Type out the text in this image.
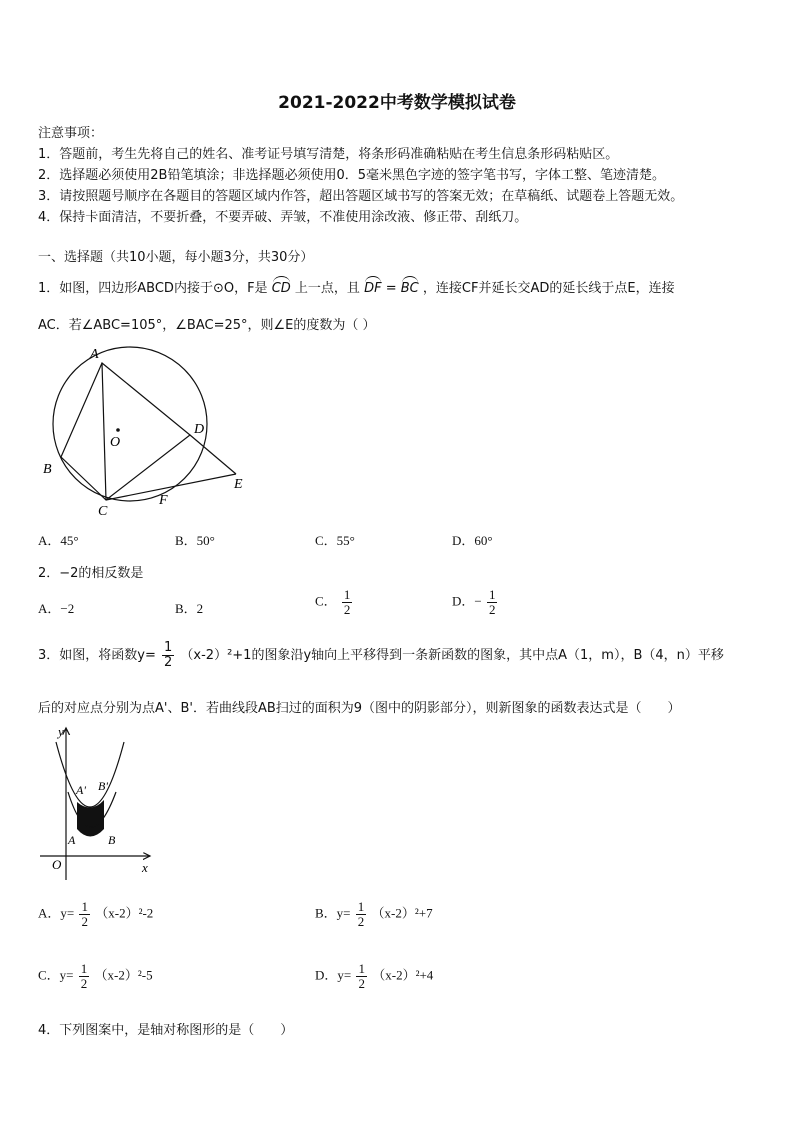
2021-2022中考数学模拟试卷
注意事项：
1．答题前，考生先将自己的姓名、准考证号填写清楚，将条形码准确粘贴在考生信息条形码粘贴区。
2．选择题必须使用2B铅笔填涂；非选择题必须使用0．5毫米黑色字迹的签字笔书写，字体工整、笔迹清楚。
3．请按照题号顺序在各题目的答题区域内作答，超出答题区域书写的答案无效；在草稿纸、试题卷上答题无效。
4．保持卡面清洁，不要折叠，不要弄破、弄皱，不准使用涂改液、修正带、刮纸刀。
一、选择题（共10小题，每小题3分，共30分）
1．如图，四边形ABCD内接于⊙O，F是 CD 上一点，且 DF = BC ，连接CF并延长交AD的延长线于点E，连接
AC．若∠ABC=105°，∠BAC=25°，则∠E的度数为（ ）
A
B
C
D
E
F
O
A．45°	B．50°	C．55°	D．60°
2．−2的相反数是
A．−2	B．2
C． $\frac{1}{2}$	D．− $\frac{1}{2}$
3．如图，将函数$y= \frac{1}{2} (x-2)^2+1$的图象沿y轴向上平移得到一条新函数的图象，其中点A（1，m），B（4，n）平移
后的对应点分别为点A'、B'．若曲线段AB扫过的面积为9（图中的阴影部分），则新图象的函数表达式是（　　）
y
x
O
A	B
A' B'
A．$y= \frac{1}{2} (x-2)^2-2$	B．$y= \frac{1}{2} (x-2)^2+7$
C．$y= \frac{1}{2} (x-2)^2-5$	D．$y= \frac{1}{2} (x-2)^2+4$
4．下列图案中，是轴对称图形的是（　　）
